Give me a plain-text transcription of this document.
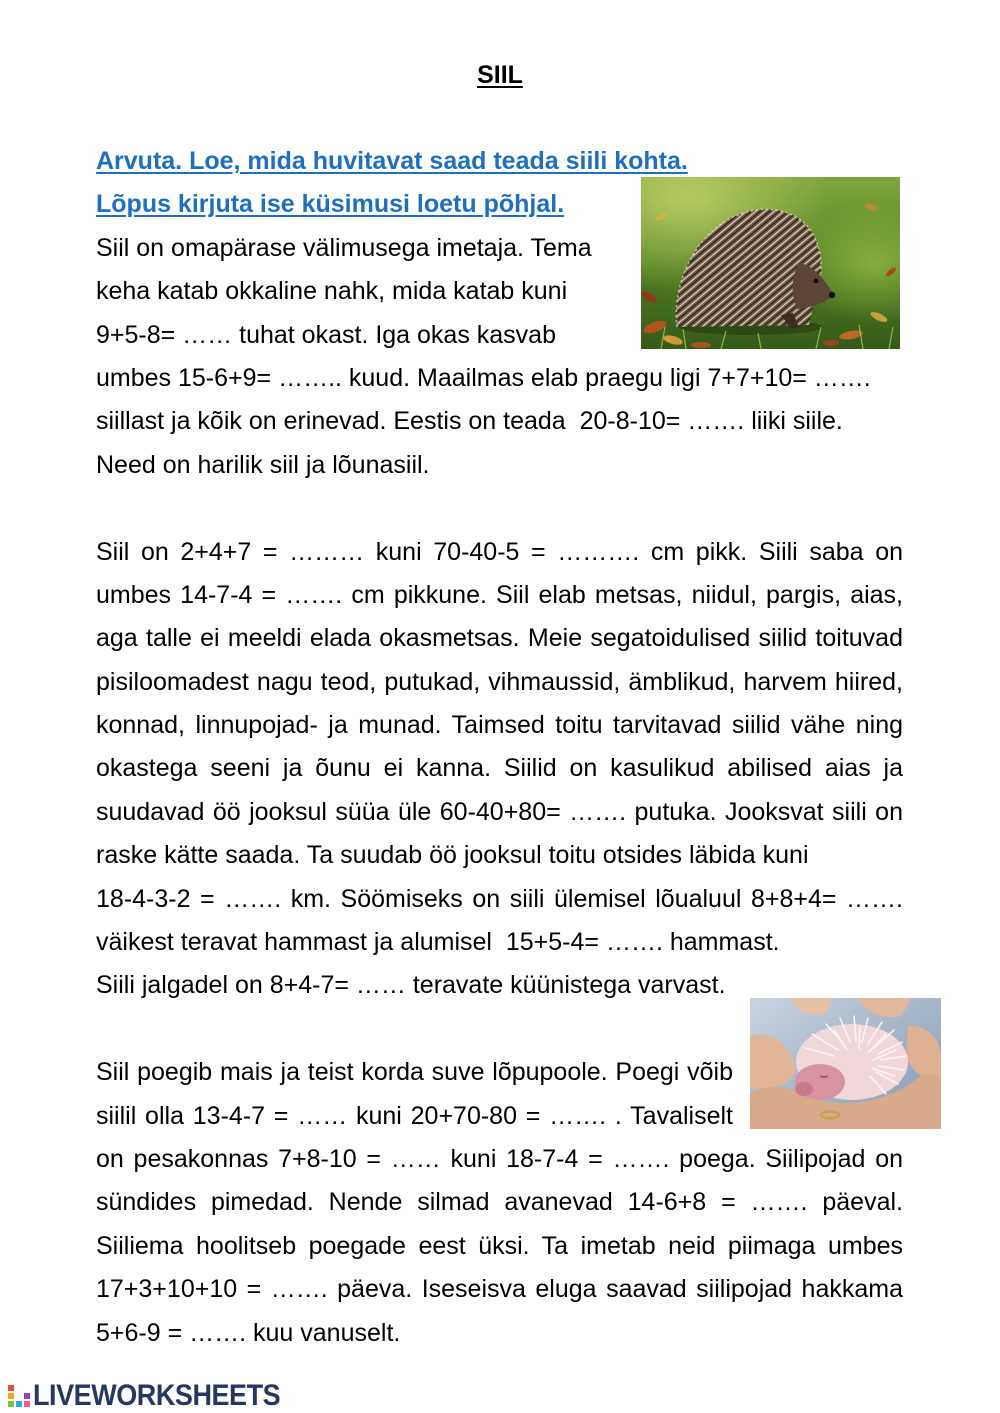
SIIL
Arvuta. Loe, mida huvitavat saad teada siili kohta.
Lõpus kirjuta ise küsimusi loetu põhjal.
Siil on omapärase välimusega imetaja. Tema
keha katab okkaline nahk, mida katab kuni
9+5-8= …… tuhat okast. Iga okas kasvab
umbes 15-6+9= …….. kuud. Maailmas elab praegu ligi 7+7+10= …….
siillast ja kõik on erinevad. Eestis on teada  20-8-10= ……. liiki siile.
Need on harilik siil ja lõunasiil.
Siil on 2+4+7 = ……… kuni 70-40-5 = ………. cm pikk. Siili saba on
umbes 14-7-4 = ……. cm pikkune. Siil elab metsas, niidul, pargis, aias,
aga talle ei meeldi elada okasmetsas. Meie segatoidulised siilid toituvad
pisiloomadest nagu teod, putukad, vihmaussid, ämblikud, harvem hiired,
konnad, linnupojad- ja munad. Taimsed toitu tarvitavad siilid vähe ning
okastega seeni ja õunu ei kanna. Siilid on kasulikud abilised aias ja
suudavad öö jooksul süüa üle 60-40+80= ……. putuka. Jooksvat siili on
raske kätte saada. Ta suudab öö jooksul toitu otsides läbida kuni
18-4-3-2 = ……. km. Söömiseks on siili ülemisel lõualuul 8+8+4= …….
väikest teravat hammast ja alumisel  15+5-4= ……. hammast.
Siili jalgadel on 8+4-7= …… teravate küünistega varvast.
Siil poegib mais ja teist korda suve lõpupoole. Poegi võib
siilil olla 13-4-7 = …… kuni 20+70-80 = ……. . Tavaliselt
on pesakonnas 7+8-10 = …… kuni 18-7-4 = ……. poega. Siilipojad on
sündides pimedad. Nende silmad avanevad 14-6+8 = ……. päeval.
Siiliema hoolitseb poegade eest üksi. Ta imetab neid piimaga umbes
17+3+10+10 = ……. päeva. Iseseisva eluga saavad siilipojad hakkama
5+6-9 = ……. kuu vanuselt.
LIVEWORKSHEETS
